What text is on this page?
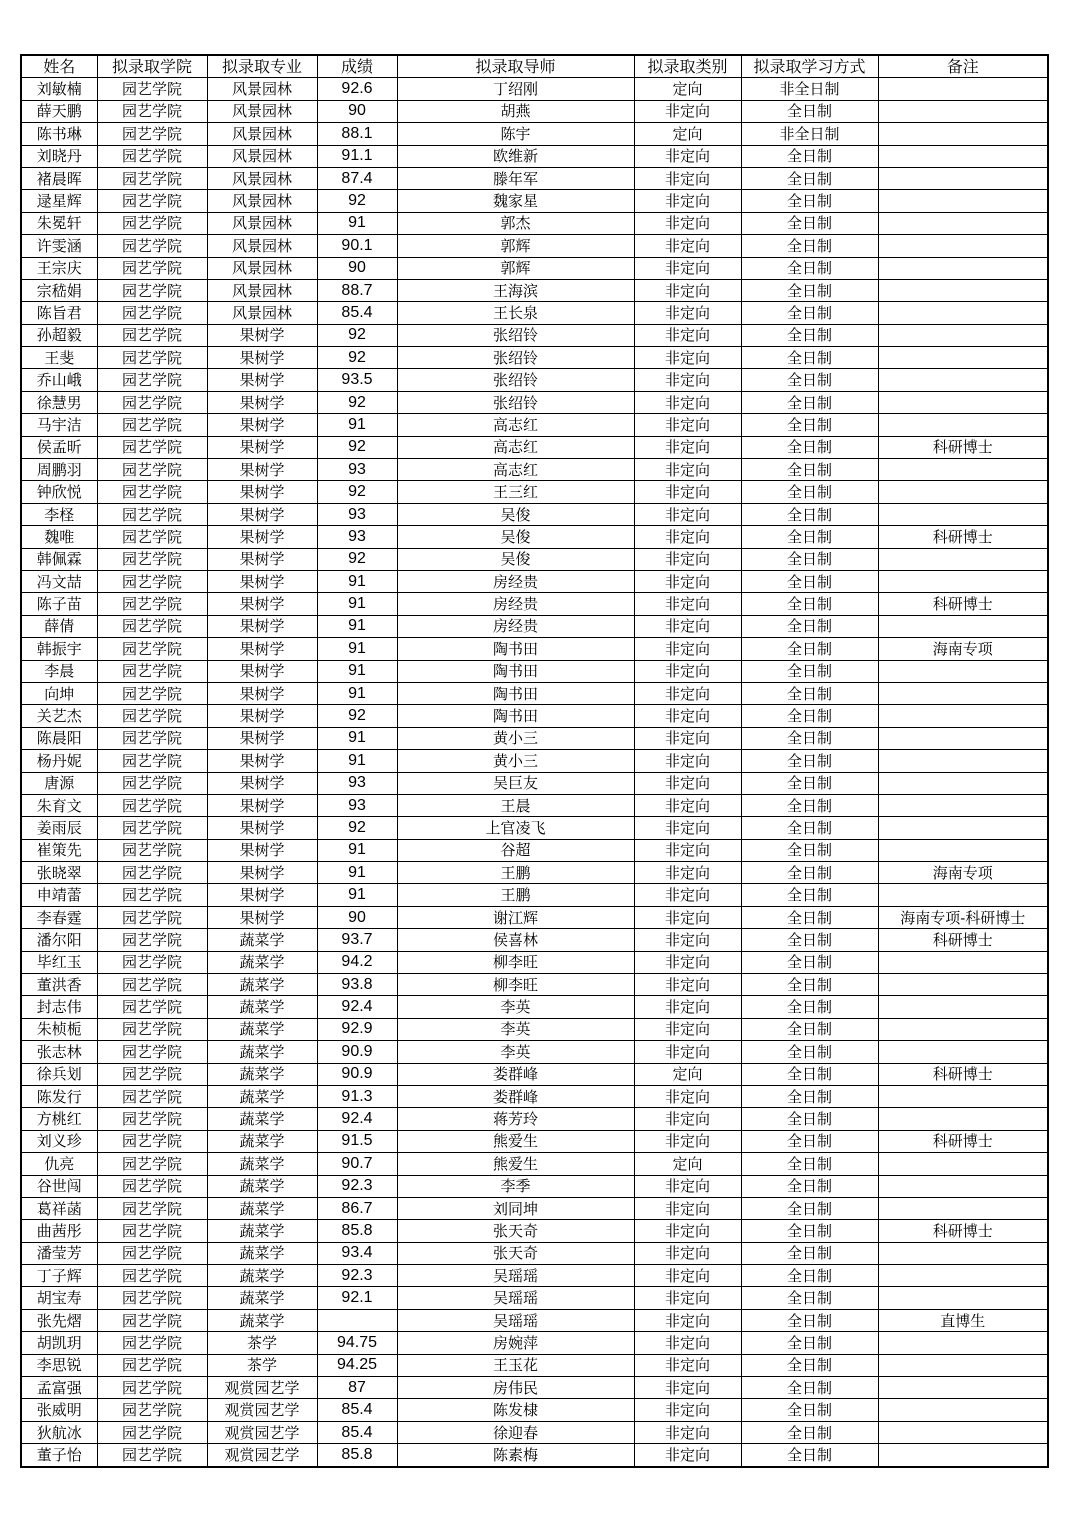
姓名	拟录取学院	拟录取专业	成绩	拟录取导师	拟录取类别	拟录取学习方式	备注
刘敏楠	园艺学院	风景园林	92.6	丁绍刚	定向	非全日制	
薛天鹏	园艺学院	风景园林	90	胡燕	非定向	全日制	
陈书琳	园艺学院	风景园林	88.1	陈宇	定向	非全日制	
刘晓丹	园艺学院	风景园林	91.1	欧维新	非定向	全日制	
褚晨晖	园艺学院	风景园林	87.4	滕年军	非定向	全日制	
逯星辉	园艺学院	风景园林	92	魏家星	非定向	全日制	
朱冕轩	园艺学院	风景园林	91	郭杰	非定向	全日制	
许雯涵	园艺学院	风景园林	90.1	郭辉	非定向	全日制	
王宗庆	园艺学院	风景园林	90	郭辉	非定向	全日制	
宗嵇娟	园艺学院	风景园林	88.7	王海滨	非定向	全日制	
陈旨君	园艺学院	风景园林	85.4	王长泉	非定向	全日制	
孙超毅	园艺学院	果树学	92	张绍铃	非定向	全日制	
王斐	园艺学院	果树学	92	张绍铃	非定向	全日制	
乔山峨	园艺学院	果树学	93.5	张绍铃	非定向	全日制	
徐慧男	园艺学院	果树学	92	张绍铃	非定向	全日制	
马宇洁	园艺学院	果树学	91	高志红	非定向	全日制	
侯孟昕	园艺学院	果树学	92	高志红	非定向	全日制	科研博士
周鹏羽	园艺学院	果树学	93	高志红	非定向	全日制	
钟欣悦	园艺学院	果树学	92	王三红	非定向	全日制	
李柽	园艺学院	果树学	93	吴俊	非定向	全日制	
魏唯	园艺学院	果树学	93	吴俊	非定向	全日制	科研博士
韩佩霖	园艺学院	果树学	92	吴俊	非定向	全日制	
冯文喆	园艺学院	果树学	91	房经贵	非定向	全日制	
陈子苗	园艺学院	果树学	91	房经贵	非定向	全日制	科研博士
薛倩	园艺学院	果树学	91	房经贵	非定向	全日制	
韩振宇	园艺学院	果树学	91	陶书田	非定向	全日制	海南专项
李晨	园艺学院	果树学	91	陶书田	非定向	全日制	
向坤	园艺学院	果树学	91	陶书田	非定向	全日制	
关艺杰	园艺学院	果树学	92	陶书田	非定向	全日制	
陈晨阳	园艺学院	果树学	91	黄小三	非定向	全日制	
杨丹妮	园艺学院	果树学	91	黄小三	非定向	全日制	
唐源	园艺学院	果树学	93	吴巨友	非定向	全日制	
朱育文	园艺学院	果树学	93	王晨	非定向	全日制	
姜雨辰	园艺学院	果树学	92	上官凌飞	非定向	全日制	
崔策先	园艺学院	果树学	91	谷超	非定向	全日制	
张晓翠	园艺学院	果树学	91	王鹏	非定向	全日制	海南专项
申靖蕾	园艺学院	果树学	91	王鹏	非定向	全日制	
李春霆	园艺学院	果树学	90	谢江辉	非定向	全日制	海南专项-科研博士
潘尔阳	园艺学院	蔬菜学	93.7	侯喜林	非定向	全日制	科研博士
毕红玉	园艺学院	蔬菜学	94.2	柳李旺	非定向	全日制	
董洪香	园艺学院	蔬菜学	93.8	柳李旺	非定向	全日制	
封志伟	园艺学院	蔬菜学	92.4	李英	非定向	全日制	
朱桢栀	园艺学院	蔬菜学	92.9	李英	非定向	全日制	
张志林	园艺学院	蔬菜学	90.9	李英	非定向	全日制	
徐兵划	园艺学院	蔬菜学	90.9	娄群峰	定向	全日制	科研博士
陈发行	园艺学院	蔬菜学	91.3	娄群峰	非定向	全日制	
方桃红	园艺学院	蔬菜学	92.4	蒋芳玲	非定向	全日制	
刘义珍	园艺学院	蔬菜学	91.5	熊爱生	非定向	全日制	科研博士
仇亮	园艺学院	蔬菜学	90.7	熊爱生	定向	全日制	
谷世闯	园艺学院	蔬菜学	92.3	李季	非定向	全日制	
葛祥菡	园艺学院	蔬菜学	86.7	刘同坤	非定向	全日制	
曲茜彤	园艺学院	蔬菜学	85.8	张天奇	非定向	全日制	科研博士
潘莹芳	园艺学院	蔬菜学	93.4	张天奇	非定向	全日制	
丁子辉	园艺学院	蔬菜学	92.3	吴瑶瑶	非定向	全日制	
胡宝寿	园艺学院	蔬菜学	92.1	吴瑶瑶	非定向	全日制	
张先熠	园艺学院	蔬菜学		吴瑶瑶	非定向	全日制	直博生
胡凯玥	园艺学院	茶学	94.75	房婉萍	非定向	全日制	
李思锐	园艺学院	茶学	94.25	王玉花	非定向	全日制	
孟富强	园艺学院	观赏园艺学	87	房伟民	非定向	全日制	
张威明	园艺学院	观赏园艺学	85.4	陈发棣	非定向	全日制	
狄航冰	园艺学院	观赏园艺学	85.4	徐迎春	非定向	全日制	
董子怡	园艺学院	观赏园艺学	85.8	陈素梅	非定向	全日制	
